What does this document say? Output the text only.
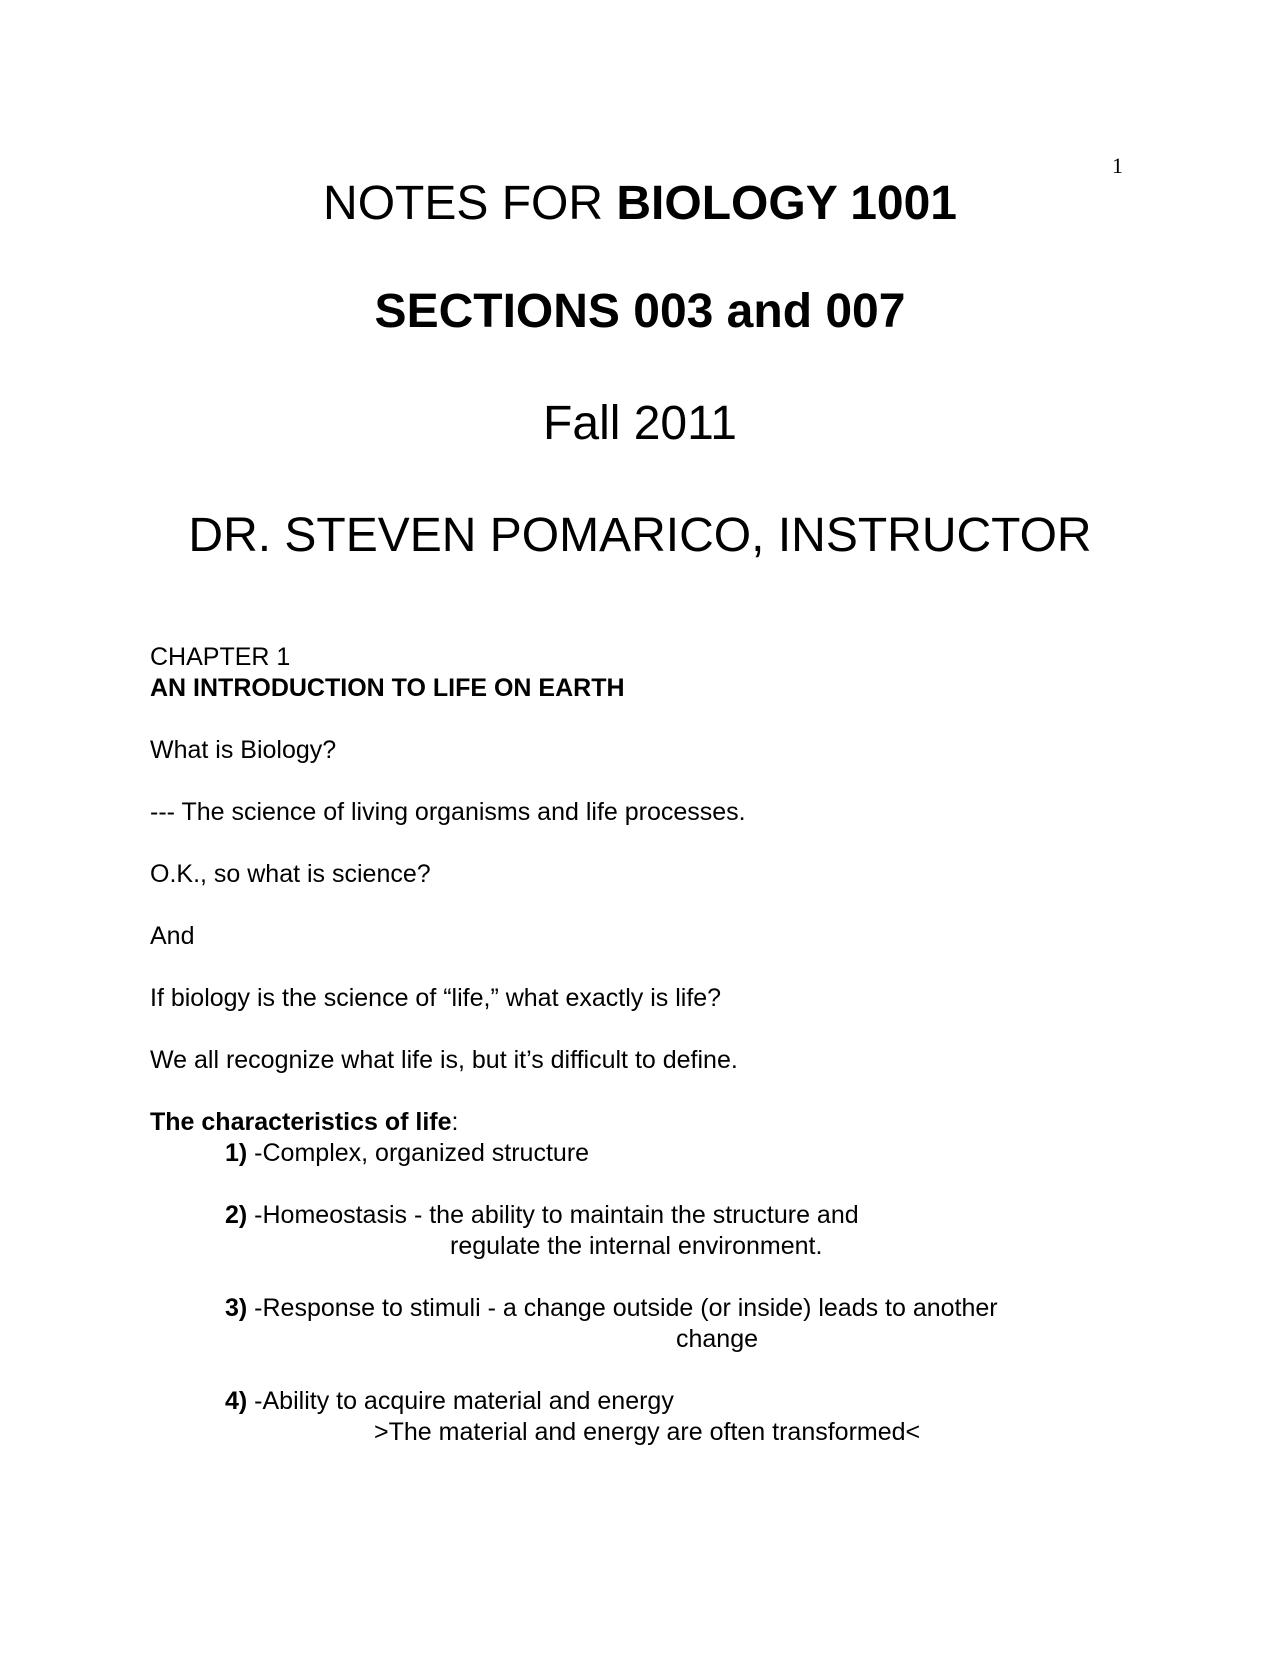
1
NOTES FOR BIOLOGY 1001
SECTIONS 003 and 007
Fall 2011
DR. STEVEN POMARICO, INSTRUCTOR
CHAPTER 1
AN INTRODUCTION TO LIFE ON EARTH
What is Biology?
--- The science of living organisms and life processes.
O.K., so what is science?
And
If biology is the science of “life,” what exactly is life?
We all recognize what life is, but it’s difficult to define.
The characteristics of life:
1) -Complex, organized structure
2) -Homeostasis - the ability to maintain the structure and
regulate the internal environment.
3) -Response to stimuli - a change outside (or inside) leads to another
change
4) -Ability to acquire material and energy
>The material and energy are often transformed<
